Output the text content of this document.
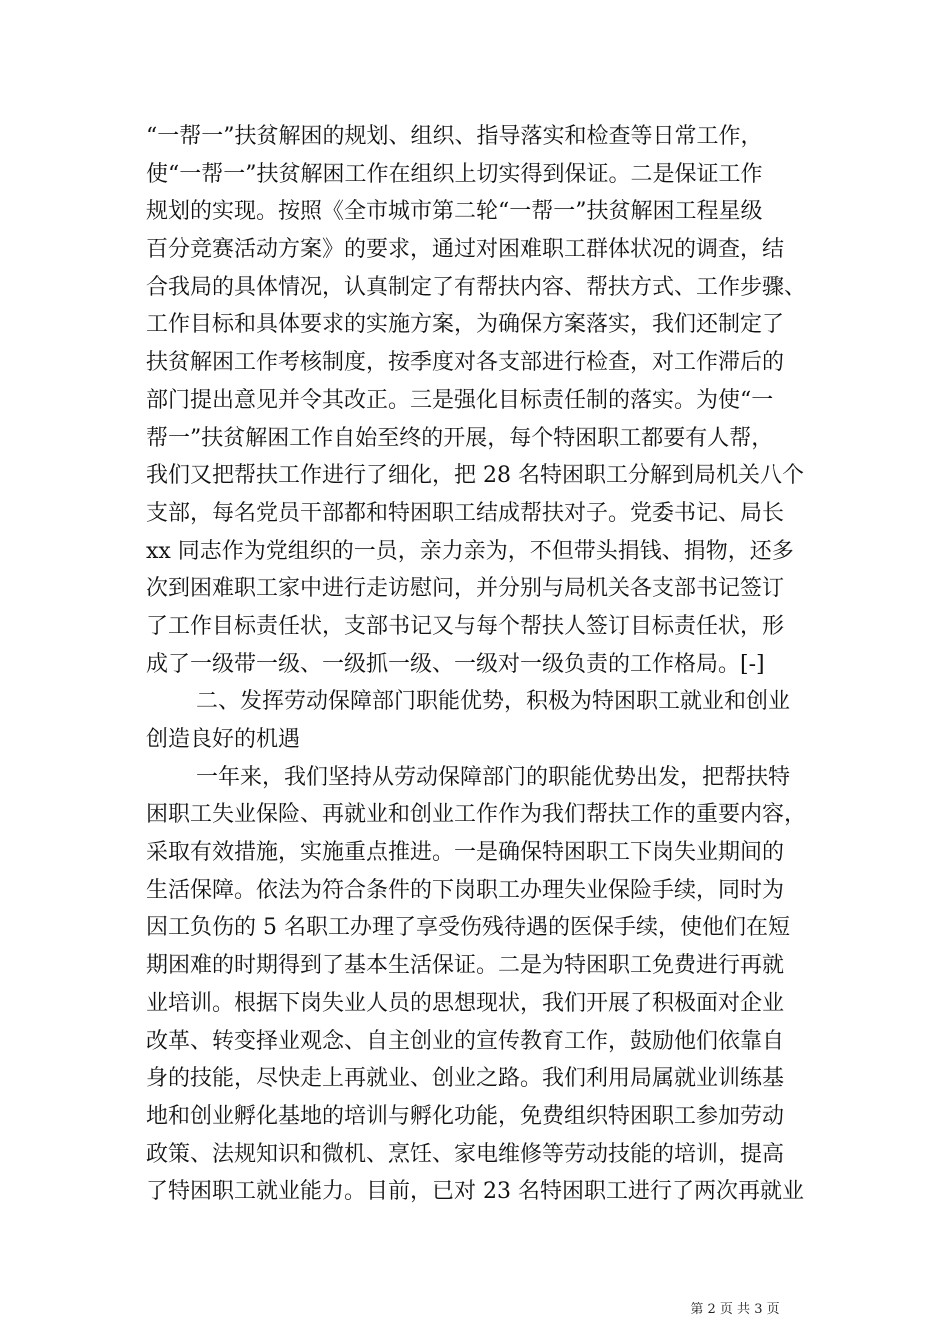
“一帮一”扶贫解困的规划、组织、指导落实和检查等日常工作，
使“一帮一”扶贫解困工作在组织上切实得到保证。二是保证工作
规划的实现。按照《全市城市第二轮“一帮一”扶贫解困工程星级
百分竞赛活动方案》的要求，通过对困难职工群体状况的调查，结
合我局的具体情况，认真制定了有帮扶内容、帮扶方式、工作步骤、
工作目标和具体要求的实施方案，为确保方案落实，我们还制定了
扶贫解困工作考核制度，按季度对各支部进行检查，对工作滞后的
部门提出意见并令其改正。三是强化目标责任制的落实。为使“一
帮一”扶贫解困工作自始至终的开展，每个特困职工都要有人帮，
我们又把帮扶工作进行了细化，把 28 名特困职工分解到局机关八个
支部，每名党员干部都和特困职工结成帮扶对子。党委书记、局长
xx 同志作为党组织的一员，亲力亲为，不但带头捐钱、捐物，还多
次到困难职工家中进行走访慰问，并分别与局机关各支部书记签订
了工作目标责任状，支部书记又与每个帮扶人签订目标责任状，形
成了一级带一级、一级抓一级、一级对一级负责的工作格局。[-]
二、发挥劳动保障部门职能优势，积极为特困职工就业和创业
创造良好的机遇
一年来，我们坚持从劳动保障部门的职能优势出发，把帮扶特
困职工失业保险、再就业和创业工作作为我们帮扶工作的重要内容，
采取有效措施，实施重点推进。一是确保特困职工下岗失业期间的
生活保障。依法为符合条件的下岗职工办理失业保险手续，同时为
因工负伤的 5 名职工办理了享受伤残待遇的医保手续，使他们在短
期困难的时期得到了基本生活保证。二是为特困职工免费进行再就
业培训。根据下岗失业人员的思想现状，我们开展了积极面对企业
改革、转变择业观念、自主创业的宣传教育工作，鼓励他们依靠自
身的技能，尽快走上再就业、创业之路。我们利用局属就业训练基
地和创业孵化基地的培训与孵化功能，免费组织特困职工参加劳动
政策、法规知识和微机、烹饪、家电维修等劳动技能的培训，提高
了特困职工就业能力。目前，已对 23 名特困职工进行了两次再就业
第 2 页 共 3 页
